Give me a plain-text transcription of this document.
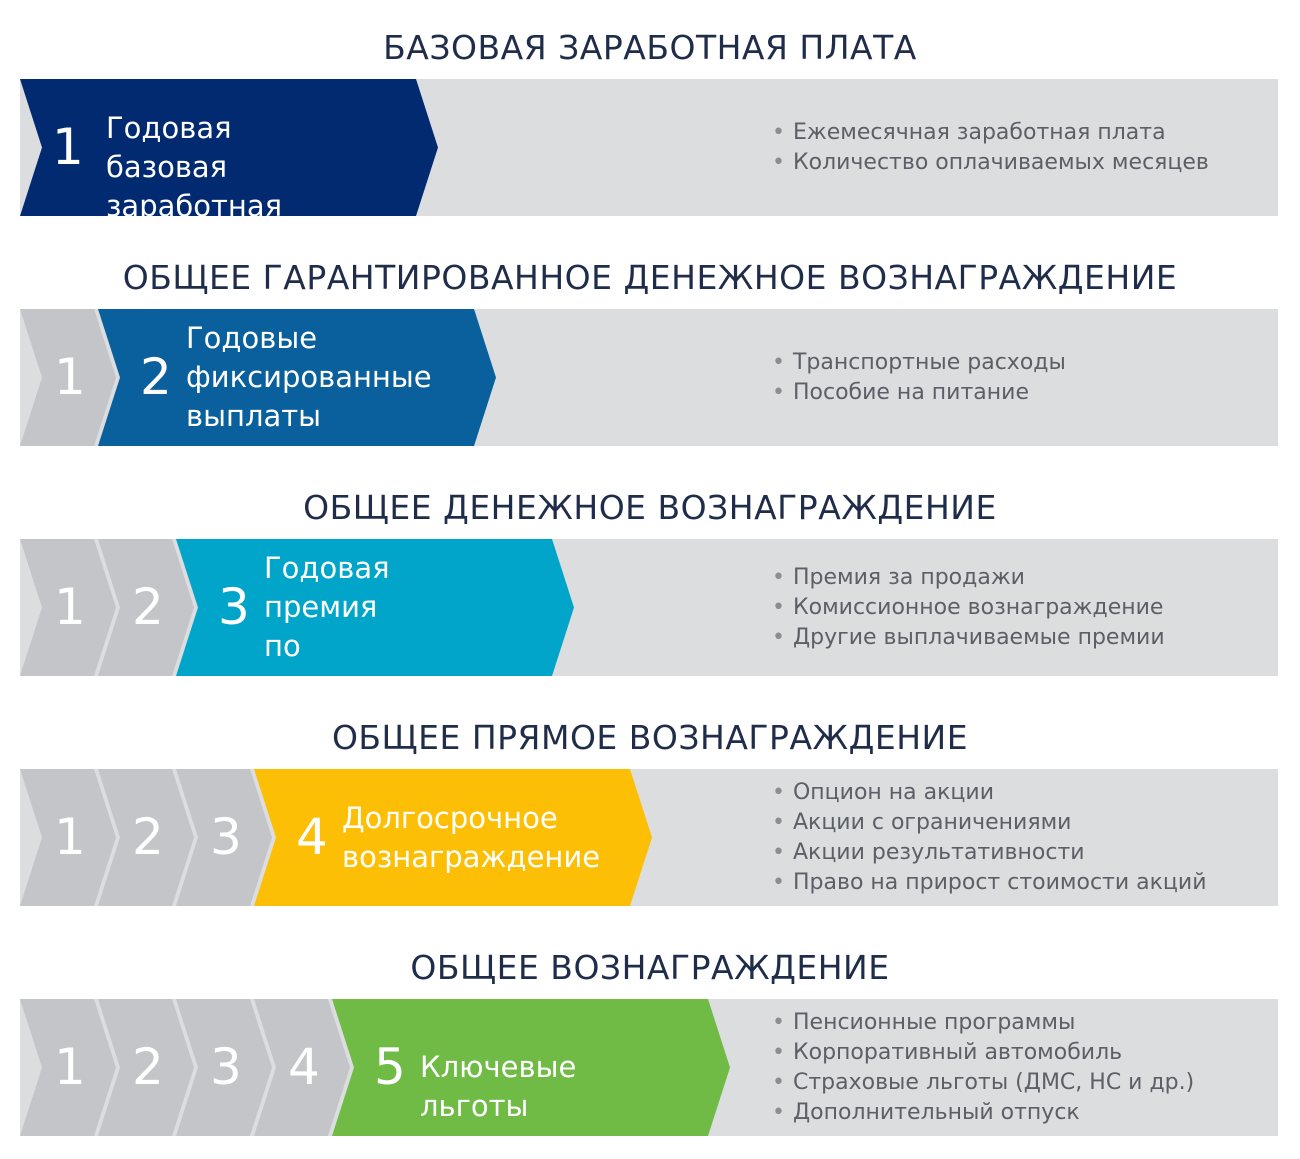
БАЗОВАЯ ЗАРАБОТНАЯ ПЛАТА
1 Годовая базовая
заработная плата
• Ежемесячная заработная плата
• Количество оплачиваемых месяцев
ОБЩЕЕ ГАРАНТИРОВАННОЕ ДЕНЕЖНОЕ ВОЗНАГРАЖДЕНИЕ
1 2
Годовые
фиксированные
выплаты
• Транспортные расходы
• Пособие на питание
ОБЩЕЕ ДЕНЕЖНОЕ ВОЗНАГРАЖДЕНИЕ
1 2 3
Годовая премия
по результатам
работы
• Премия за продажи
• Комиссионное вознаграждение
• Другие выплачиваемые премии
ОБЩЕЕ ПРЯМОЕ ВОЗНАГРАЖДЕНИЕ
1 2 3 4 Долгосрочное
вознаграждение
• Опцион на акции
• Акции с ограничениями
• Акции результативности
• Право на прирост стоимости акций
ОБЩЕЕ ВОЗНАГРАЖДЕНИЕ
1 2 3 4 5 Ключевые льготы
• Пенсионные программы
• Корпоративный автомобиль
• Страховые льготы (ДМС, НС и др.)
• Дополнительный отпуск
